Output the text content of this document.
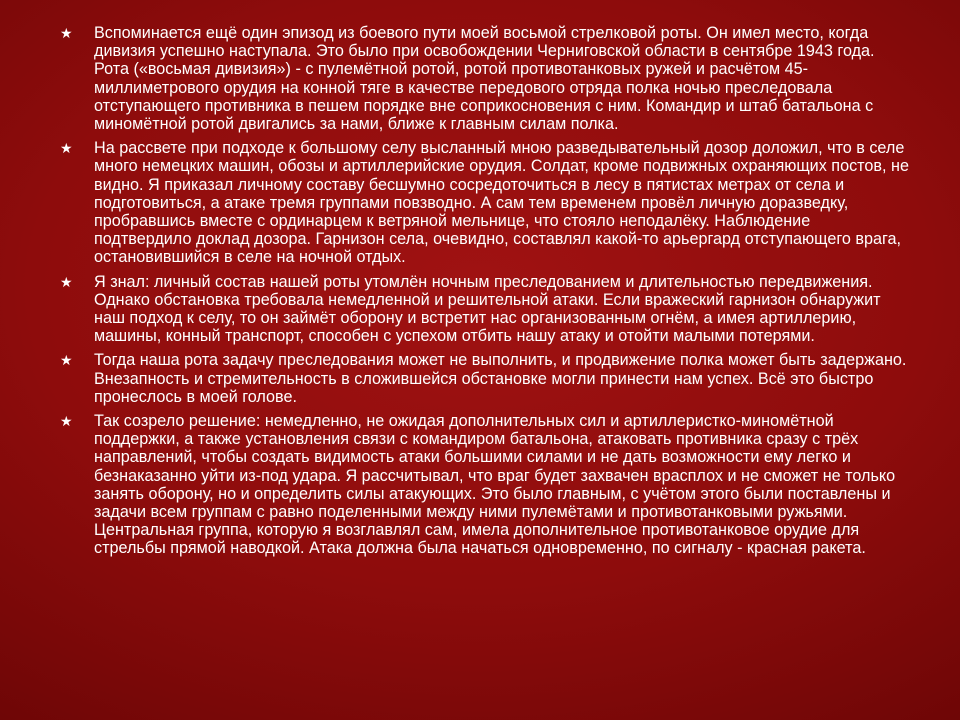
★ Вспоминается ещё один эпизод из боевого пути моей восьмой стрелковой роты. Он имел место, когда дивизия успешно наступала. Это было при освобождении Черниговской области в сентябре 1943 года. Рота («восьмая дивизия») - с пулемётной ротой, ротой противотанковых ружей и расчётом 45-миллиметрового орудия на конной тяге в качестве передового отряда полка ночью преследовала отступающего противника в пешем порядке вне соприкосновения с ним. Командир и штаб батальона с миномётной ротой двигались за нами, ближе к главным силам полка.
★ На рассвете при подходе к большому селу высланный мною разведывательный дозор доложил, что в селе много немецких машин, обозы и артиллерийские орудия. Солдат, кроме подвижных охраняющих постов, не видно. Я приказал личному составу бесшумно сосредоточиться в лесу в пятистах метрах от села и подготовиться, а атаке тремя группами повзводно. А сам тем временем провёл личную доразведку, пробравшись вместе с ординарцем к ветряной мельнице, что стояло неподалёку. Наблюдение подтвердило доклад дозора. Гарнизон села, очевидно, составлял какой-то арьергард отступающего врага, остановившийся в селе на ночной отдых.
★ Я знал: личный состав нашей роты утомлён ночным преследованием и длительностью передвижения. Однако обстановка требовала немедленной и решительной атаки. Если вражеский гарнизон обнаружит наш подход к селу, то он займёт оборону и встретит нас организованным огнём, а имея артиллерию, машины, конный транспорт, способен с успехом отбить нашу атаку и отойти малыми потерями.
★ Тогда наша рота задачу преследования может не выполнить, и продвижение полка может быть задержано. Внезапность и стремительность в сложившейся обстановке могли принести нам успех. Всё это быстро пронеслось в моей голове.
★ Так созрело решение: немедленно, не ожидая дополнительных сил и артиллеристко-миномётной поддержки, а также установления связи с командиром батальона, атаковать противника сразу с трёх направлений, чтобы создать видимость атаки большими силами и не дать возможности ему легко и безнаказанно уйти из-под удара. Я рассчитывал, что враг будет захвачен врасплох и не сможет не только занять оборону, но и определить силы атакующих. Это было главным, с учётом этого были поставлены и задачи всем группам с равно поделенными между ними пулемётами и противотанковыми ружьями. Центральная группа, которую я возглавлял сам, имела дополнительное противотанковое орудие для стрельбы прямой наводкой. Атака должна была начаться одновременно, по сигналу - красная ракета.
